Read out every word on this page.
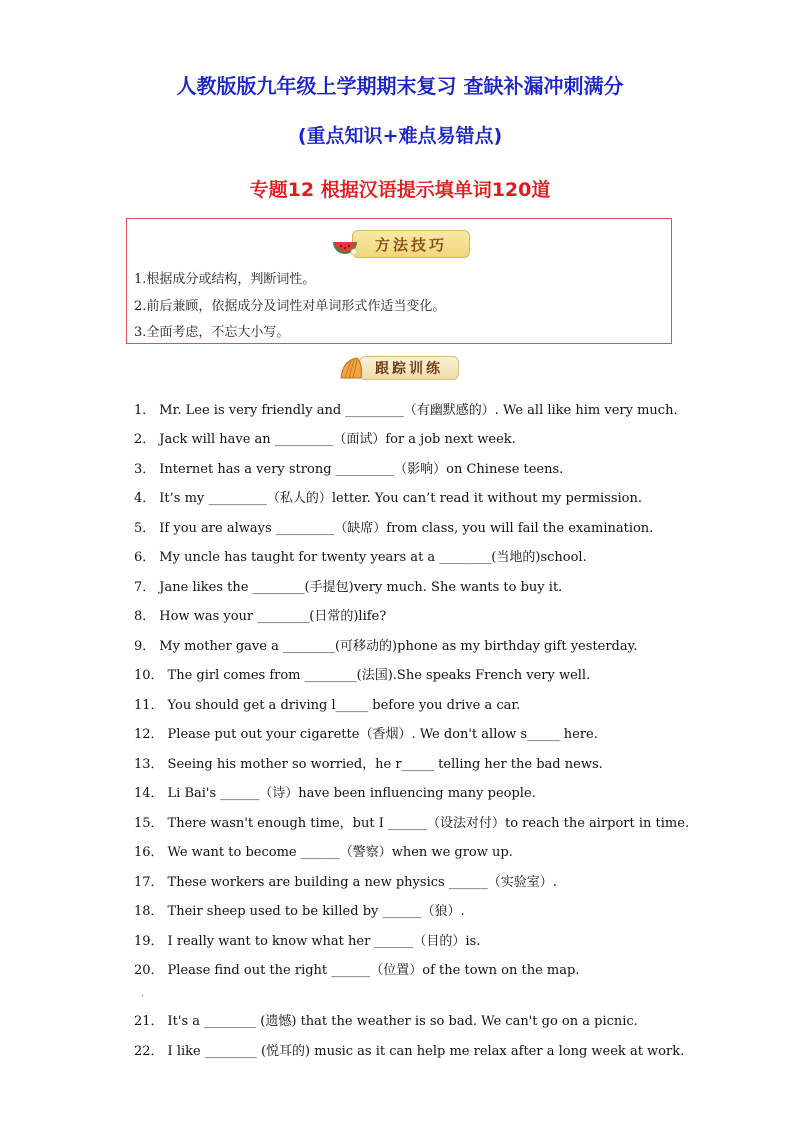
人教版版九年级上学期期末复习 查缺补漏冲刺满分
(重点知识+难点易错点)
专题12 根据汉语提示填单词120道
方法技巧
1.根据成分或结构，判断词性。
2.前后兼顾，依据成分及词性对单词形式作适当变化。
3.全面考虑，不忘大小写。
跟踪训练
1． Mr. Lee is very friendly and _________（有幽默感的）. We all like him very much.
2． Jack will have an _________（面试）for a job next week.
3． Internet has a very strong _________（影响）on Chinese teens.
4． It’s my _________（私人的）letter. You can’t read it without my permission.
5． If you are always _________（缺席）from class, you will fail the examination.
6． My uncle has taught for twenty years at a ________(当地的)school.
7． Jane likes the ________(手提包)very much. She wants to buy it.
8． How was your ________(日常的)life?
9． My mother gave a ________(可移动的)phone as my birthday gift yesterday.
10． The girl comes from ________(法国).She speaks French very well.
11． You should get a driving l_____ before you drive a car.
12． Please put out your cigarette（香烟）. We don't allow s_____ here.
13． Seeing his mother so worried，he r_____ telling her the bad news.
14． Li Bai's ______（诗）have been influencing many people.
15． There wasn't enough time，but I ______（设法对付）to reach the airport in time.
16． We want to become ______（警察）when we grow up.
17． These workers are building a new physics ______（实验室）.
18． Their sheep used to be killed by ______（狼）.
19． I really want to know what her ______（目的）is.
20． Please find out the right ______（位置）of the town on the map.
.
21． It's a ________ (遗憾) that the weather is so bad. We can't go on a picnic.
22． I like ________ (悦耳的) music as it can help me relax after a long week at work.
